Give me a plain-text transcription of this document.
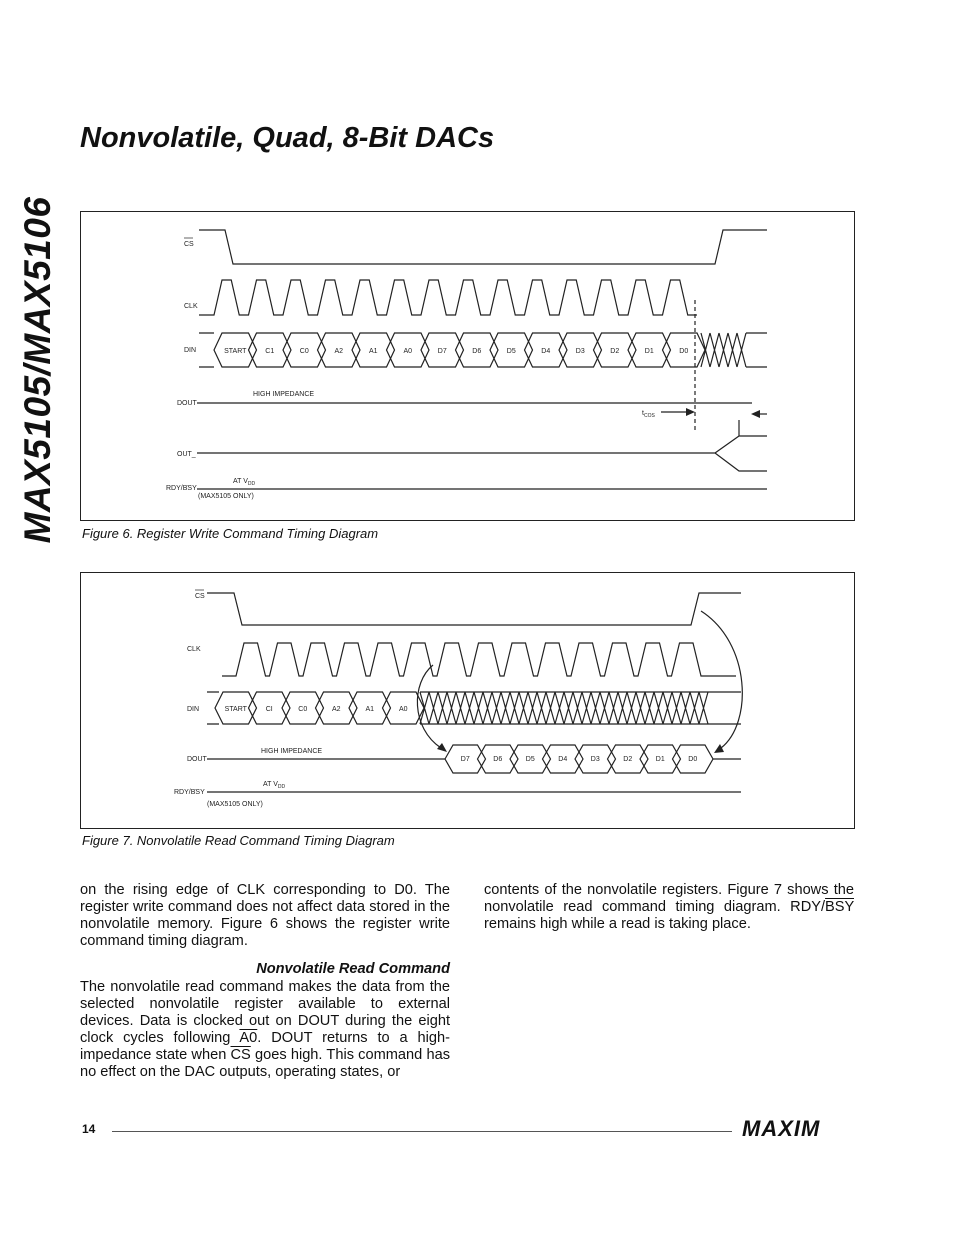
MAX5105/MAX5106
Nonvolatile, Quad, 8-Bit DACs
CS
CLK
DIN
DOUT
OUT_
RDY/BSY
HIGH IMPEDANCE
AT $V_{DD}$
(MAX5105 ONLY)
$t_{COS}$
START	C1	C0	A2	A1	A0	D7	D6	D5	D4	D3	D2	D1	D0
Figure 6. Register Write Command Timing Diagram
CS
CLK
DIN
DOUT
RDY/BSY
HIGH IMPEDANCE
AT $V_{DD}$
(MAX5105 ONLY)
START	CI	C0	A2	A1	A0
D7	D6	D5	D4	D3	D2	D1	D0
Figure 7. Nonvolatile Read Command Timing Diagram

on the rising edge of CLK corresponding to D0. The register write command does not affect data stored in the nonvolatile memory. Figure 6 shows the register write command timing diagram.

Nonvolatile Read Command

The nonvolatile read command makes the data from the selected nonvolatile register available to external devices. Data is clocked out on DOUT during the eight clock cycles following A0. DOUT returns to a high-impedance state when $\overline{CS}$ goes high. This command has no effect on the DAC outputs, operating states, or

contents of the nonvolatile registers. Figure 7 shows the nonvolatile read command timing diagram. RDY/$\overline{BSY}$ remains high while a read is taking place.

14	MAXIM
